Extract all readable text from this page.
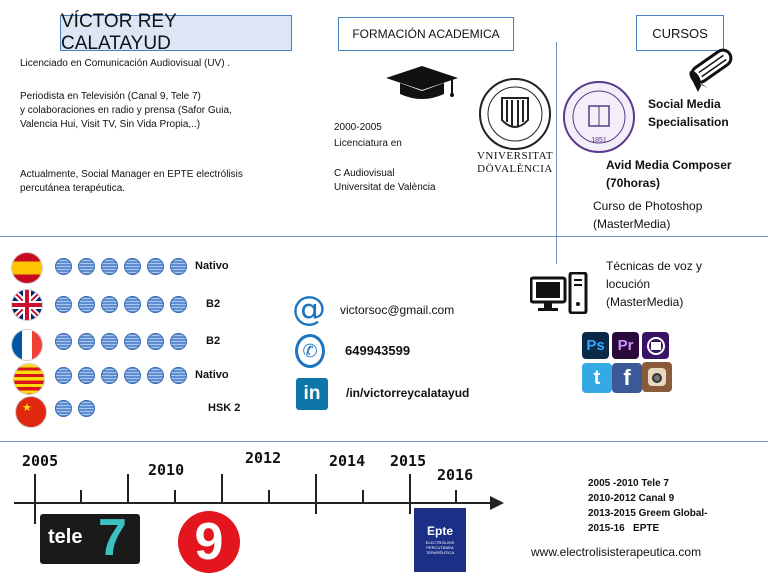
VÍCTOR REY CALATAYUD	FORMACIÓN ACADEMICA	CURSOS
Licenciado en Comunicación Audiovisual (UV) .
Periodista en Televisión (Canal 9, Tele 7)
y colaboraciones en radio y prensa (Safor Guia,
Valencia Hui, Visit TV, Sin Vida Propia,..)
Actualmente, Social Manager en EPTE electrólisis
percutánea terapéutica.
2000-2005
Licenciatura en
C Audiovisual
Universitat de València
VNIVERSITAT
DÖVALÈNCIA
1851
Social Media
Specialisation
Avid Media Composer
(70horas)
Curso de Photoshop
(MasterMedia)
★
Nativo
B2
B2
Nativo
HSK 2
@ victorsoc@gmail.com
✆	649943599
in	/in/victorreycalatayud
Técnicas de voz y
locución
(MasterMedia)
Ps Pr
t f
2005	2010
2012	2014 2015
2016
tele 7 9	Epte
ELECTRÓLISIS
PERCUTÁNEA
TERAPÉUTICA
2005 -2010 Tele 7
2010-2012 Canal 9
2013-2015 Greem Global-
2015-16   EPTE
www.electrolisisterapeutica.com
